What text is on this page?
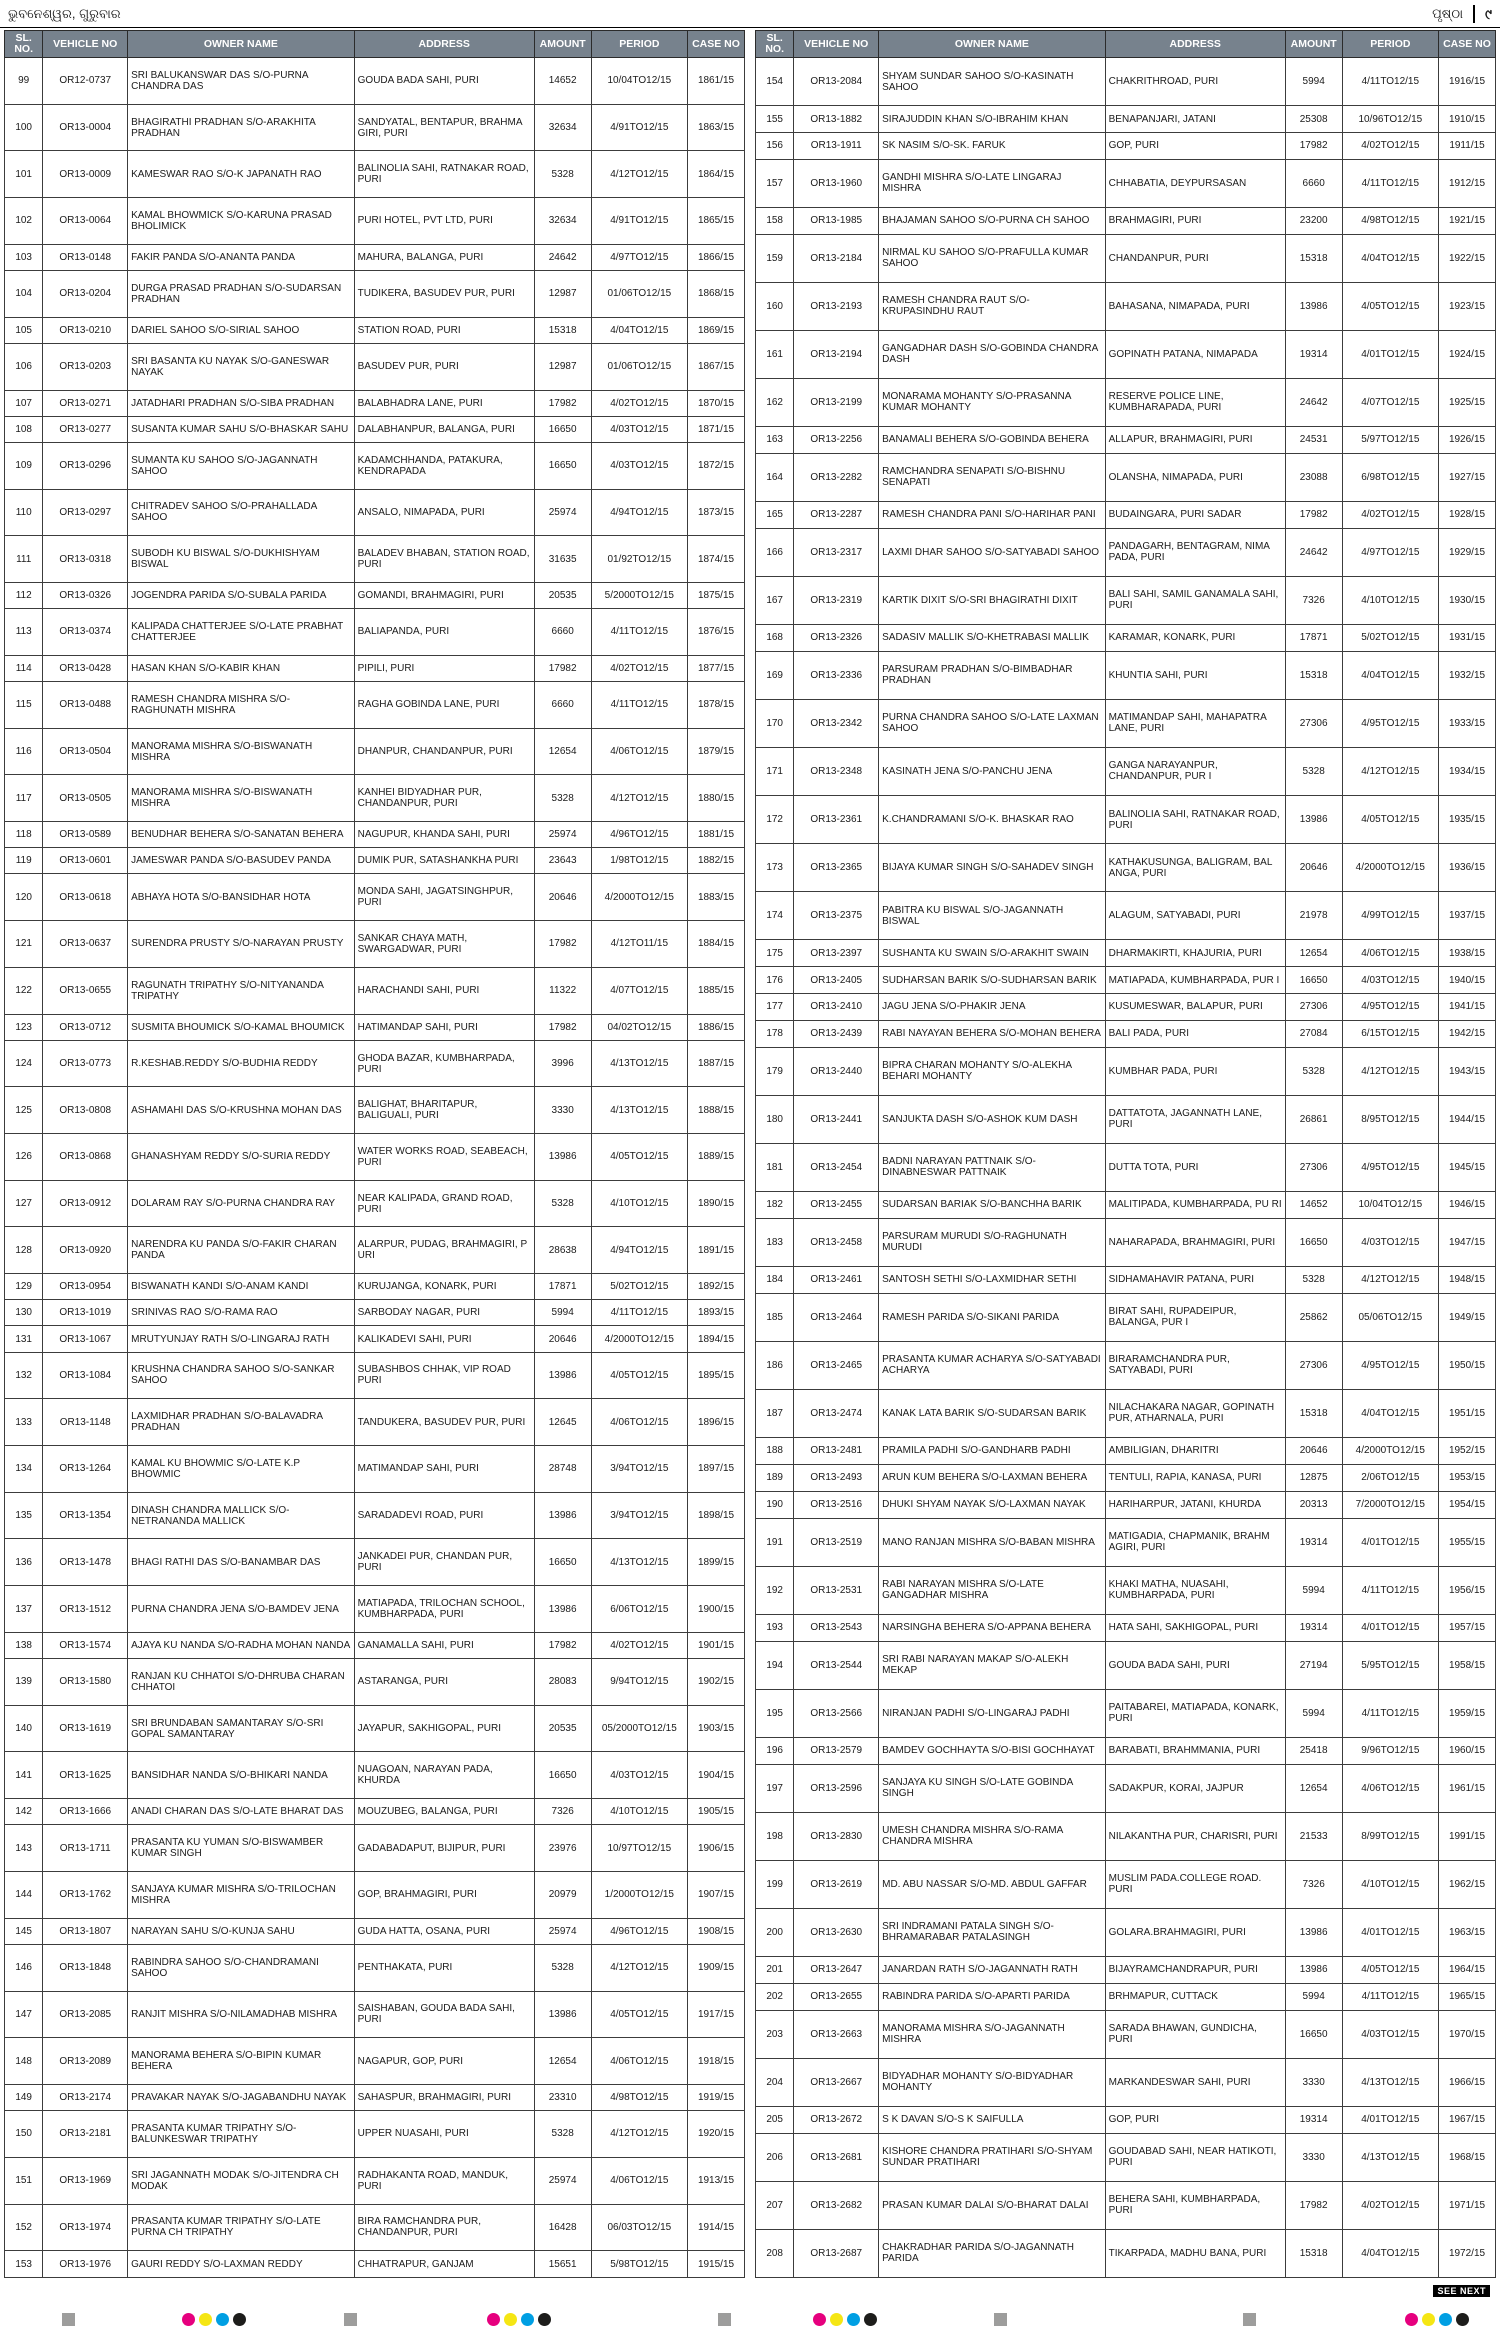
ଭୁବନେଶ୍ୱର, ଗୁରୁବାର	ପୃଷ୍ଠା ୯
SL. NO.	VEHICLE NO	OWNER NAME	ADDRESS	AMOUNT	PERIOD	CASE NO
99	OR12-0737	SRI BALUKANSWAR DAS S/O-PURNA CHANDRA DAS	GOUDA BADA SAHI, PURI	14652	10/04TO12/15	1861/15
100	OR13-0004	BHAGIRATHI PRADHAN S/O-ARAKHITA PRADHAN	SANDYATAL, BENTAPUR, BRAHMA GIRI, PURI	32634	4/91TO12/15	1863/15
101	OR13-0009	KAMESWAR RAO S/O-K JAPANATH RAO	BALINOLIA SAHI, RATNAKAR ROAD, PURI	5328	4/12TO12/15	1864/15
102	OR13-0064	KAMAL BHOWMICK S/O-KARUNA PRASAD BHOLIMICK	PURI HOTEL, PVT LTD, PURI	32634	4/91TO12/15	1865/15
103	OR13-0148	FAKIR PANDA S/O-ANANTA PANDA	MAHURA, BALANGA, PURI	24642	4/97TO12/15	1866/15
104	OR13-0204	DURGA PRASAD PRADHAN S/O-SUDARSAN PRADHAN	TUDIKERA, BASUDEV PUR, PURI	12987	01/06TO12/15	1868/15
105	OR13-0210	DARIEL SAHOO S/O-SIRIAL SAHOO	STATION ROAD, PURI	15318	4/04TO12/15	1869/15
106	OR13-0203	SRI BASANTA KU NAYAK S/O-GANESWAR NAYAK	BASUDEV PUR, PURI	12987	01/06TO12/15	1867/15
107	OR13-0271	JATADHARI PRADHAN S/O-SIBA PRADHAN	BALABHADRA LANE, PURI	17982	4/02TO12/15	1870/15
108	OR13-0277	SUSANTA KUMAR SAHU S/O-BHASKAR SAHU	DALABHANPUR, BALANGA, PURI	16650	4/03TO12/15	1871/15
109	OR13-0296	SUMANTA KU SAHOO S/O-JAGANNATH SAHOO	KADAMCHHANDA, PATAKURA, KENDRAPADA	16650	4/03TO12/15	1872/15
110	OR13-0297	CHITRADEV SAHOO S/O-PRAHALLADA SAHOO	ANSALO, NIMAPADA, PURI	25974	4/94TO12/15	1873/15
111	OR13-0318	SUBODH KU BISWAL S/O-DUKHISHYAM BISWAL	BALADEV BHABAN, STATION ROAD, PURI	31635	01/92TO12/15	1874/15
112	OR13-0326	JOGENDRA PARIDA S/O-SUBALA PARIDA	GOMANDI, BRAHMAGIRI, PURI	20535	5/2000TO12/15	1875/15
113	OR13-0374	KALIPADA CHATTERJEE S/O-LATE PRABHAT CHATTERJEE	BALIAPANDA, PURI	6660	4/11TO12/15	1876/15
114	OR13-0428	HASAN KHAN S/O-KABIR KHAN	PIPILI, PURI	17982	4/02TO12/15	1877/15
115	OR13-0488	RAMESH CHANDRA MISHRA S/O-RAGHUNATH MISHRA	RAGHA GOBINDA LANE, PURI	6660	4/11TO12/15	1878/15
116	OR13-0504	MANORAMA MISHRA S/O-BISWANATH MISHRA	DHANPUR, CHANDANPUR, PURI	12654	4/06TO12/15	1879/15
117	OR13-0505	MANORAMA MISHRA S/O-BISWANATH MISHRA	KANHEI BIDYADHAR PUR, CHANDANPUR, PURI	5328	4/12TO12/15	1880/15
118	OR13-0589	BENUDHAR BEHERA S/O-SANATAN BEHERA	NAGUPUR, KHANDA SAHI, PURI	25974	4/96TO12/15	1881/15
119	OR13-0601	JAMESWAR PANDA S/O-BASUDEV PANDA	DUMIK PUR, SATASHANKHA PURI	23643	1/98TO12/15	1882/15
120	OR13-0618	ABHAYA HOTA S/O-BANSIDHAR HOTA	MONDA SAHI, JAGATSINGHPUR, PURI	20646	4/2000TO12/15	1883/15
121	OR13-0637	SURENDRA PRUSTY S/O-NARAYAN PRUSTY	SANKAR CHAYA MATH, SWARGADWAR, PURI	17982	4/12TO11/15	1884/15
122	OR13-0655	RAGUNATH TRIPATHY S/O-NITYANANDA TRIPATHY	HARACHANDI SAHI, PURI	11322	4/07TO12/15	1885/15
123	OR13-0712	SUSMITA BHOUMICK S/O-KAMAL BHOUMICK	HATIMANDAP SAHI, PURI	17982	04/02TO12/15	1886/15
124	OR13-0773	R.KESHAB.REDDY S/O-BUDHIA REDDY	GHODA BAZAR, KUMBHARPADA, PURI	3996	4/13TO12/15	1887/15
125	OR13-0808	ASHAMAHI DAS S/O-KRUSHNA MOHAN DAS	BALIGHAT, BHARITAPUR, BALIGUALI, PURI	3330	4/13TO12/15	1888/15
126	OR13-0868	GHANASHYAM REDDY S/O-SURIA REDDY	WATER WORKS ROAD, SEABEACH, PURI	13986	4/05TO12/15	1889/15
127	OR13-0912	DOLARAM RAY S/O-PURNA CHANDRA RAY	NEAR KALIPADA, GRAND ROAD, PURI	5328	4/10TO12/15	1890/15
128	OR13-0920	NARENDRA KU PANDA S/O-FAKIR CHARAN PANDA	ALARPUR, PUDAG, BRAHMAGIRI, P URI	28638	4/94TO12/15	1891/15
129	OR13-0954	BISWANATH KANDI S/O-ANAM KANDI	KURUJANGA, KONARK, PURI	17871	5/02TO12/15	1892/15
130	OR13-1019	SRINIVAS RAO S/O-RAMA RAO	SARBODAY NAGAR, PURI	5994	4/11TO12/15	1893/15
131	OR13-1067	MRUTYUNJAY RATH S/O-LINGARAJ RATH	KALIKADEVI SAHI, PURI	20646	4/2000TO12/15	1894/15
132	OR13-1084	KRUSHNA CHANDRA SAHOO S/O-SANKAR SAHOO	SUBASHBOS CHHAK, VIP ROAD PURI	13986	4/05TO12/15	1895/15
133	OR13-1148	LAXMIDHAR PRADHAN S/O-BALAVADRA PRADHAN	TANDUKERA, BASUDEV PUR, PURI	12645	4/06TO12/15	1896/15
134	OR13-1264	KAMAL KU BHOWMIC S/O-LATE K.P BHOWMIC	MATIMANDAP SAHI, PURI	28748	3/94TO12/15	1897/15
135	OR13-1354	DINASH CHANDRA MALLICK S/O-NETRANANDA MALLICK	SARADADEVI ROAD, PURI	13986	3/94TO12/15	1898/15
136	OR13-1478	BHAGI RATHI DAS S/O-BANAMBAR DAS	JANKADEI PUR, CHANDAN PUR, PURI	16650	4/13TO12/15	1899/15
137	OR13-1512	PURNA CHANDRA JENA S/O-BAMDEV JENA	MATIAPADA, TRILOCHAN SCHOOL, KUMBHARPADA, PURI	13986	6/06TO12/15	1900/15
138	OR13-1574	AJAYA KU NANDA S/O-RADHA MOHAN NANDA	GANAMALLA SAHI, PURI	17982	4/02TO12/15	1901/15
139	OR13-1580	RANJAN KU CHHATOI S/O-DHRUBA CHARAN CHHATOI	ASTARANGA, PURI	28083	9/94TO12/15	1902/15
140	OR13-1619	SRI BRUNDABAN SAMANTARAY S/O-SRI GOPAL SAMANTARAY	JAYAPUR, SAKHIGOPAL, PURI	20535	05/2000TO12/15	1903/15
141	OR13-1625	BANSIDHAR NANDA S/O-BHIKARI NANDA	NUAGOAN, NARAYAN PADA, KHURDA	16650	4/03TO12/15	1904/15
142	OR13-1666	ANADI CHARAN DAS S/O-LATE BHARAT DAS	MOUZUBEG, BALANGA, PURI	7326	4/10TO12/15	1905/15
143	OR13-1711	PRASANTA KU YUMAN S/O-BISWAMBER KUMAR SINGH	GADABADAPUT, BIJIPUR, PURI	23976	10/97TO12/15	1906/15
144	OR13-1762	SANJAYA KUMAR MISHRA S/O-TRILOCHAN MISHRA	GOP, BRAHMAGIRI, PURI	20979	1/2000TO12/15	1907/15
145	OR13-1807	NARAYAN SAHU S/O-KUNJA SAHU	GUDA HATTA, OSANA, PURI	25974	4/96TO12/15	1908/15
146	OR13-1848	RABINDRA SAHOO S/O-CHANDRAMANI SAHOO	PENTHAKATA, PURI	5328	4/12TO12/15	1909/15
147	OR13-2085	RANJIT MISHRA S/O-NILAMADHAB MISHRA	SAISHABAN, GOUDA BADA SAHI, PURI	13986	4/05TO12/15	1917/15
148	OR13-2089	MANORAMA BEHERA S/O-BIPIN KUMAR BEHERA	NAGAPUR, GOP, PURI	12654	4/06TO12/15	1918/15
149	OR13-2174	PRAVAKAR NAYAK S/O-JAGABANDHU NAYAK	SAHASPUR, BRAHMAGIRI, PURI	23310	4/98TO12/15	1919/15
150	OR13-2181	PRASANTA KUMAR TRIPATHY S/O-BALUNKESWAR TRIPATHY	UPPER NUASAHI, PURI	5328	4/12TO12/15	1920/15
151	OR13-1969	SRI JAGANNATH MODAK S/O-JITENDRA CH MODAK	RADHAKANTA ROAD, MANDUK, PURI	25974	4/06TO12/15	1913/15
152	OR13-1974	PRASANTA KUMAR TRIPATHY S/O-LATE PURNA CH TRIPATHY	BIRA RAMCHANDRA PUR, CHANDANPUR, PURI	16428	06/03TO12/15	1914/15
153	OR13-1976	GAURI REDDY S/O-LAXMAN REDDY	CHHATRAPUR, GANJAM	15651	5/98TO12/15	1915/15
SL. NO.	VEHICLE NO	OWNER NAME	ADDRESS	AMOUNT	PERIOD	CASE NO
154	OR13-2084	SHYAM SUNDAR SAHOO S/O-KASINATH SAHOO	CHAKRITHROAD, PURI	5994	4/11TO12/15	1916/15
155	OR13-1882	SIRAJUDDIN KHAN S/O-IBRAHIM KHAN	BENAPANJARI, JATANI	25308	10/96TO12/15	1910/15
156	OR13-1911	SK NASIM S/O-SK. FARUK	GOP, PURI	17982	4/02TO12/15	1911/15
157	OR13-1960	GANDHI MISHRA S/O-LATE LINGARAJ MISHRA	CHHABATIA, DEYPURSASAN	6660	4/11TO12/15	1912/15
158	OR13-1985	BHAJAMAN SAHOO S/O-PURNA CH SAHOO	BRAHMAGIRI, PURI	23200	4/98TO12/15	1921/15
159	OR13-2184	NIRMAL KU SAHOO S/O-PRAFULLA KUMAR SAHOO	CHANDANPUR, PURI	15318	4/04TO12/15	1922/15
160	OR13-2193	RAMESH CHANDRA RAUT S/O-KRUPASINDHU RAUT	BAHASANA, NIMAPADA, PURI	13986	4/05TO12/15	1923/15
161	OR13-2194	GANGADHAR DASH S/O-GOBINDA CHANDRA DASH	GOPINATH PATANA, NIMAPADA	19314	4/01TO12/15	1924/15
162	OR13-2199	MONARAMA MOHANTY S/O-PRASANNA KUMAR MOHANTY	RESERVE POLICE LINE, KUMBHARAPADA, PURI	24642	4/07TO12/15	1925/15
163	OR13-2256	BANAMALI BEHERA S/O-GOBINDA BEHERA	ALLAPUR, BRAHMAGIRI, PURI	24531	5/97TO12/15	1926/15
164	OR13-2282	RAMCHANDRA SENAPATI S/O-BISHNU SENAPATI	OLANSHA, NIMAPADA, PURI	23088	6/98TO12/15	1927/15
165	OR13-2287	RAMESH CHANDRA PANI S/O-HARIHAR PANI	BUDAINGARA, PURI SADAR	17982	4/02TO12/15	1928/15
166	OR13-2317	LAXMI DHAR SAHOO S/O-SATYABADI SAHOO	PANDAGARH, BENTAGRAM, NIMA PADA, PURI	24642	4/97TO12/15	1929/15
167	OR13-2319	KARTIK DIXIT S/O-SRI BHAGIRATHI DIXIT	BALI SAHI, SAMIL GANAMALA SAHI, PURI	7326	4/10TO12/15	1930/15
168	OR13-2326	SADASIV MALLIK S/O-KHETRABASI MALLIK	KARAMAR, KONARK, PURI	17871	5/02TO12/15	1931/15
169	OR13-2336	PARSURAM PRADHAN S/O-BIMBADHAR PRADHAN	KHUNTIA SAHI, PURI	15318	4/04TO12/15	1932/15
170	OR13-2342	PURNA CHANDRA SAHOO S/O-LATE LAXMAN SAHOO	MATIMANDAP SAHI, MAHAPATRA LANE, PURI	27306	4/95TO12/15	1933/15
171	OR13-2348	KASINATH JENA S/O-PANCHU JENA	GANGA NARAYANPUR, CHANDANPUR, PUR I	5328	4/12TO12/15	1934/15
172	OR13-2361	K.CHANDRAMANI S/O-K. BHASKAR RAO	BALINOLIA SAHI, RATNAKAR ROAD, PURI	13986	4/05TO12/15	1935/15
173	OR13-2365	BIJAYA KUMAR SINGH S/O-SAHADEV SINGH	KATHAKUSUNGA, BALIGRAM, BAL ANGA, PURI	20646	4/2000TO12/15	1936/15
174	OR13-2375	PABITRA KU BISWAL S/O-JAGANNATH BISWAL	ALAGUM, SATYABADI, PURI	21978	4/99TO12/15	1937/15
175	OR13-2397	SUSHANTA KU SWAIN S/O-ARAKHIT SWAIN	DHARMAKIRTI, KHAJURIA, PURI	12654	4/06TO12/15	1938/15
176	OR13-2405	SUDHARSAN BARIK S/O-SUDHARSAN BARIK	MATIAPADA, KUMBHARPADA, PUR I	16650	4/03TO12/15	1940/15
177	OR13-2410	JAGU JENA S/O-PHAKIR JENA	KUSUMESWAR, BALAPUR, PURI	27306	4/95TO12/15	1941/15
178	OR13-2439	RABI NAYAYAN BEHERA S/O-MOHAN BEHERA	BALI PADA, PURI	27084	6/15TO12/15	1942/15
179	OR13-2440	BIPRA CHARAN MOHANTY S/O-ALEKHA BEHARI MOHANTY	KUMBHAR PADA, PURI	5328	4/12TO12/15	1943/15
180	OR13-2441	SANJUKTA DASH S/O-ASHOK KUM DASH	DATTATOTA, JAGANNATH LANE, PURI	26861	8/95TO12/15	1944/15
181	OR13-2454	BADNI NARAYAN PATTNAIK S/O-DINABNESWAR PATTNAIK	DUTTA TOTA, PURI	27306	4/95TO12/15	1945/15
182	OR13-2455	SUDARSAN BARIAK S/O-BANCHHA BARIK	MALITIPADA, KUMBHARPADA, PU RI	14652	10/04TO12/15	1946/15
183	OR13-2458	PARSURAM MURUDI S/O-RAGHUNATH MURUDI	NAHARAPADA, BRAHMAGIRI, PURI	16650	4/03TO12/15	1947/15
184	OR13-2461	SANTOSH SETHI S/O-LAXMIDHAR SETHI	SIDHAMAHAVIR PATANA, PURI	5328	4/12TO12/15	1948/15
185	OR13-2464	RAMESH PARIDA S/O-SIKANI PARIDA	BIRAT SAHI, RUPADEIPUR, BALANGA, PUR I	25862	05/06TO12/15	1949/15
186	OR13-2465	PRASANTA KUMAR ACHARYA S/O-SATYABADI ACHARYA	BIRARAMCHANDRA PUR, SATYABADI, PURI	27306	4/95TO12/15	1950/15
187	OR13-2474	KANAK LATA BARIK S/O-SUDARSAN BARIK	NILACHAKARA NAGAR, GOPINATH PUR, ATHARNALA, PURI	15318	4/04TO12/15	1951/15
188	OR13-2481	PRAMILA PADHI S/O-GANDHARB PADHI	AMBILIGIAN, DHARITRI	20646	4/2000TO12/15	1952/15
189	OR13-2493	ARUN KUM BEHERA S/O-LAXMAN BEHERA	TENTULI, RAPIA, KANASA, PURI	12875	2/06TO12/15	1953/15
190	OR13-2516	DHUKI SHYAM NAYAK S/O-LAXMAN NAYAK	HARIHARPUR, JATANI, KHURDA	20313	7/2000TO12/15	1954/15
191	OR13-2519	MANO RANJAN MISHRA S/O-BABAN MISHRA	MATIGADIA, CHAPMANIK, BRAHM AGIRI, PURI	19314	4/01TO12/15	1955/15
192	OR13-2531	RABI NARAYAN MISHRA S/O-LATE GANGADHAR MISHRA	KHAKI MATHA, NUASAHI, KUMBHARPADA, PURI	5994	4/11TO12/15	1956/15
193	OR13-2543	NARSINGHA BEHERA S/O-APPANA BEHERA	HATA SAHI, SAKHIGOPAL, PURI	19314	4/01TO12/15	1957/15
194	OR13-2544	SRI RABI NARAYAN MAKAP S/O-ALEKH MEKAP	GOUDA BADA SAHI, PURI	27194	5/95TO12/15	1958/15
195	OR13-2566	NIRANJAN PADHI S/O-LINGARAJ PADHI	PAITABAREI, MATIAPADA, KONARK, PURI	5994	4/11TO12/15	1959/15
196	OR13-2579	BAMDEV GOCHHAYTA S/O-BISI GOCHHAYAT	BARABATI, BRAHMMANIA, PURI	25418	9/96TO12/15	1960/15
197	OR13-2596	SANJAYA KU SINGH S/O-LATE GOBINDA SINGH	SADAKPUR, KORAI, JAJPUR	12654	4/06TO12/15	1961/15
198	OR13-2830	UMESH CHANDRA MISHRA S/O-RAMA CHANDRA MISHRA	NILAKANTHA PUR, CHARISRI, PURI	21533	8/99TO12/15	1991/15
199	OR13-2619	MD. ABU NASSAR S/O-MD. ABDUL GAFFAR	MUSLIM PADA.COLLEGE ROAD. PURI	7326	4/10TO12/15	1962/15
200	OR13-2630	SRI INDRAMANI PATALA SINGH S/O-BHRAMARABAR PATALASINGH	GOLARA.BRAHMAGIRI, PURI	13986	4/01TO12/15	1963/15
201	OR13-2647	JANARDAN RATH S/O-JAGANNATH RATH	BIJAYRAMCHANDRAPUR, PURI	13986	4/05TO12/15	1964/15
202	OR13-2655	RABINDRA PARIDA S/O-APARTI PARIDA	BRHMAPUR, CUTTACK	5994	4/11TO12/15	1965/15
203	OR13-2663	MANORAMA MISHRA S/O-JAGANNATH MISHRA	SARADA BHAWAN, GUNDICHA, PURI	16650	4/03TO12/15	1970/15
204	OR13-2667	BIDYADHAR MOHANTY S/O-BIDYADHAR MOHANTY	MARKANDESWAR SAHI, PURI	3330	4/13TO12/15	1966/15
205	OR13-2672	S K DAVAN S/O-S K SAIFULLA	GOP, PURI	19314	4/01TO12/15	1967/15
206	OR13-2681	KISHORE CHANDRA PRATIHARI S/O-SHYAM SUNDAR PRATIHARI	GOUDABAD SAHI, NEAR HATIKOTI, PURI	3330	4/13TO12/15	1968/15
207	OR13-2682	PRASAN KUMAR DALAI S/O-BHARAT DALAI	BEHERA SAHI, KUMBHARPADA, PURI	17982	4/02TO12/15	1971/15
208	OR13-2687	CHAKRADHAR PARIDA S/O-JAGANNATH PARIDA	TIKARPADA, MADHU BANA, PURI	15318	4/04TO12/15	1972/15
SEE NEXT
